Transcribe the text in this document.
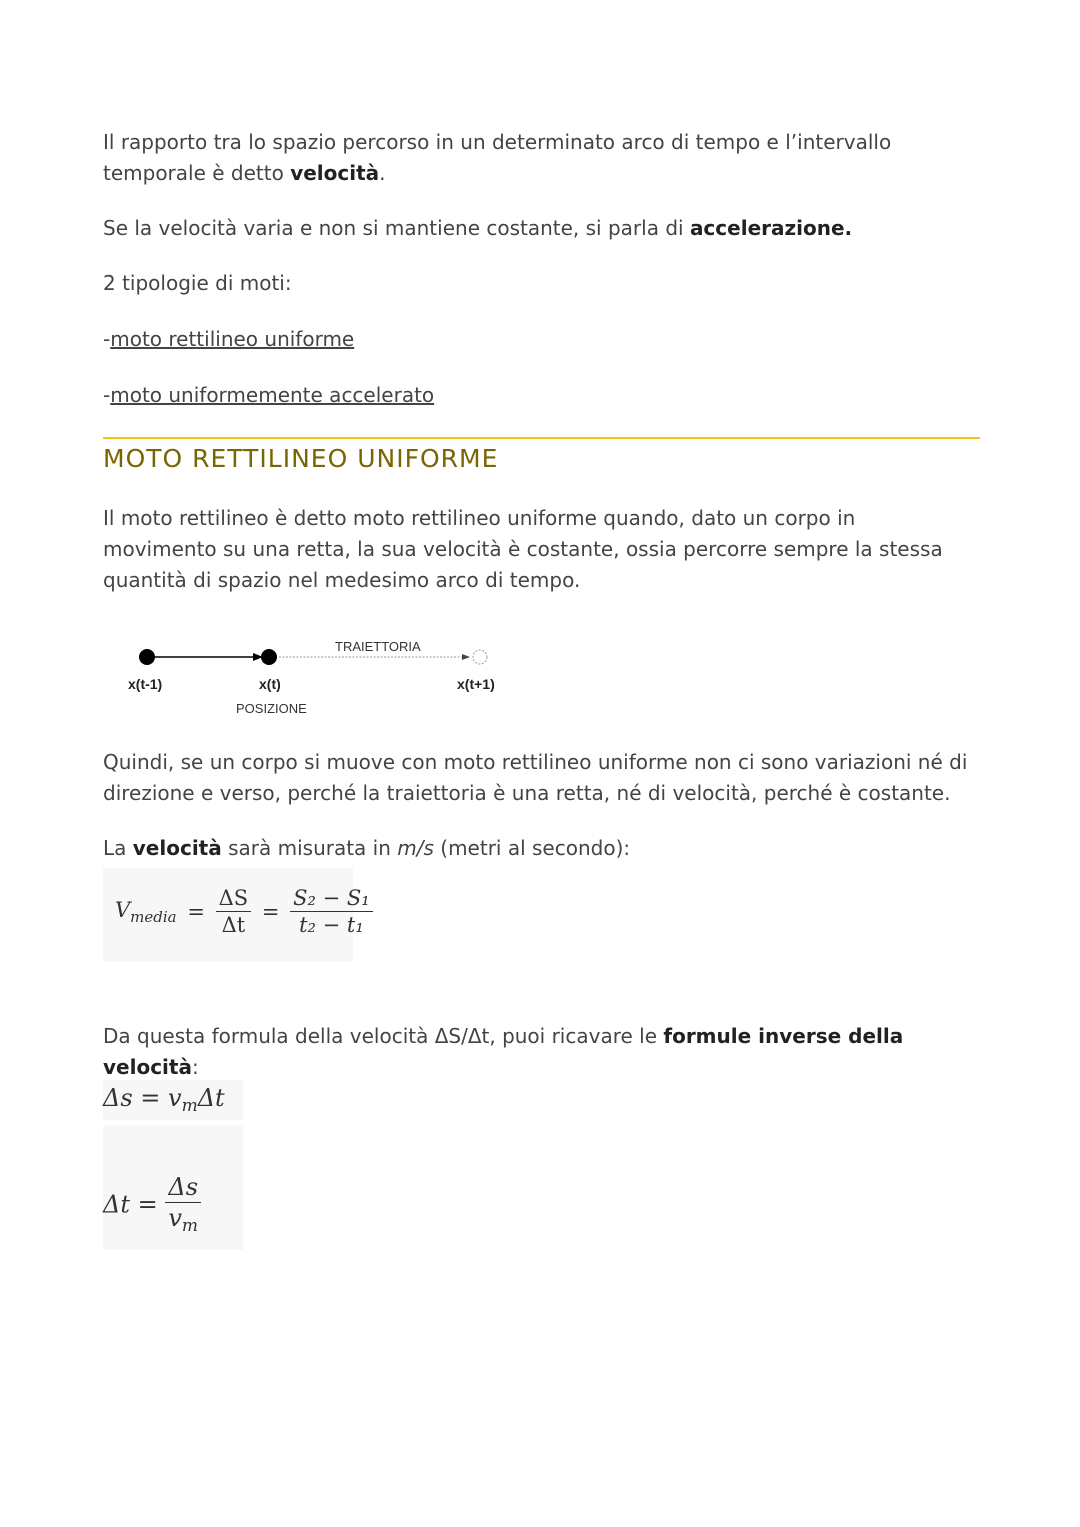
Il rapporto tra lo spazio percorso in un determinato arco di tempo e l’intervallo temporale è detto velocità.

Se la velocità varia e non si mantiene costante, si parla di accelerazione.

2 tipologie di moti:

-moto rettilineo uniforme

-moto uniformemente accelerato

MOTO RETTILINEO UNIFORME

Il moto rettilineo è detto moto rettilineo uniforme quando, dato un corpo in movimento su una retta, la sua velocità è costante, ossia percorre sempre la stessa quantità di spazio nel medesimo arco di tempo.

TRAIETTORIA
x(t-1)	x(t)
POSIZIONE
x(t+1)

Quindi, se un corpo si muove con moto rettilineo uniforme non ci sono variazioni né di direzione e verso, perché la traiettoria è una retta, né di velocità, perché è costante.

La velocità sarà misurata in m/s (metri al secondo):

$V_{media} = \frac{\Delta S}{\Delta t} = \frac{\text{S₂ − S₁}}{\text{t₂ − t₁}}$

Da questa formula della velocità ΔS/Δt, puoi ricavare le formule inverse della velocità:

$\Delta s = v_m\Delta t$
$\Delta t = \frac{\Delta s}{v_m}$
